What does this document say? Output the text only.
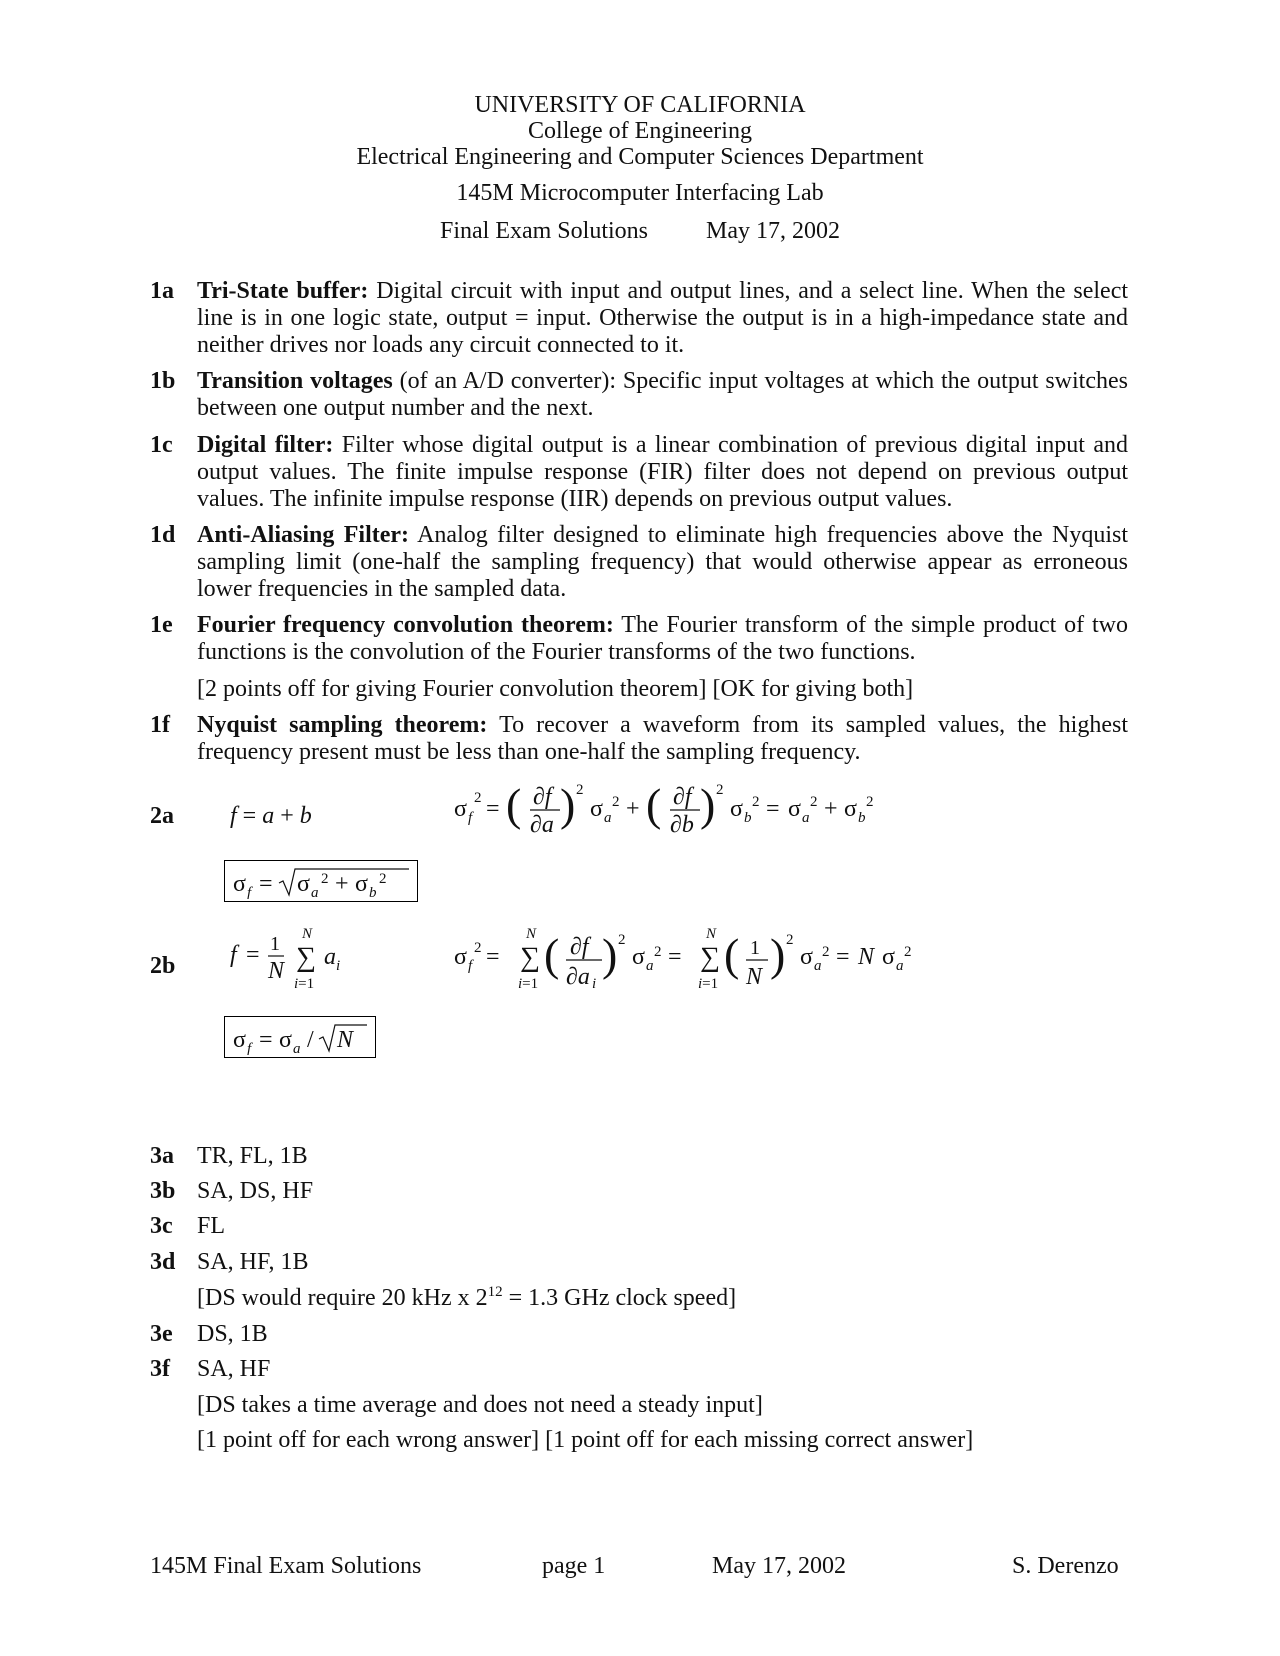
UNIVERSITY OF CALIFORNIA
College of Engineering
Electrical Engineering and Computer Sciences Department
145M Microcomputer Interfacing Lab
Final Exam Solutions May 17, 2002
1a Tri-State buffer: Digital circuit with input and output lines, and a select line. When the select line is in one logic state, output = input. Otherwise the output is in a high-impedance state and neither drives nor loads any circuit connected to it.
1b Transition voltages (of an A/D converter): Specific input voltages at which the output switches between one output number and the next.
1c	Digital filter: Filter whose digital output is a linear combination of previous digital input and output values. The finite impulse response (FIR) filter does not depend on previous output values. The infinite impulse response (IIR) depends on previous output values.
1d Anti-Aliasing Filter: Analog filter designed to eliminate high frequencies above the Nyquist sampling limit (one-half the sampling frequency) that would otherwise appear as erroneous lower frequencies in the sampled data.
1e	Fourier frequency convolution theorem: The Fourier transform of the simple product of two functions is the convolution of the Fourier transforms of the two functions.
[2 points off for giving Fourier convolution theorem] [OK for giving both]
1f	Nyquist sampling theorem: To recover a waveform from its sampled values, the highest frequency present must be less than one-half the sampling frequency.
2a f = a + b	σ f
2 = ( ∂f
∂a ) 2
σ a
2 + ( ∂f
∂b ) 2
σ b
2 = σ a
2 + σ b
2
σ f = σ a
2 + σ b
2
2b f = 1
N
N
∑
i=1
a i	σ f
2 =
N
∑
i=1
( ∂f
∂a i
) 2
σ a
2 =
N
∑
i=1
( 1
N ) 2
σ a
2 = N σ a
2
σ f = σ a / N
3a TR, FL, 1B
3b SA, DS, HF
3c	FL
3d SA, HF, 1B
[DS would require 20 kHz x $2^{12} = 1.3$ GHz clock speed]
3e	DS, 1B
3f	SA, HF
[DS takes a time average and does not need a steady input]
[1 point off for each wrong answer] [1 point off for each missing correct answer]
145M Final Exam Solutions	page 1	May 17, 2002	S. Derenzo
